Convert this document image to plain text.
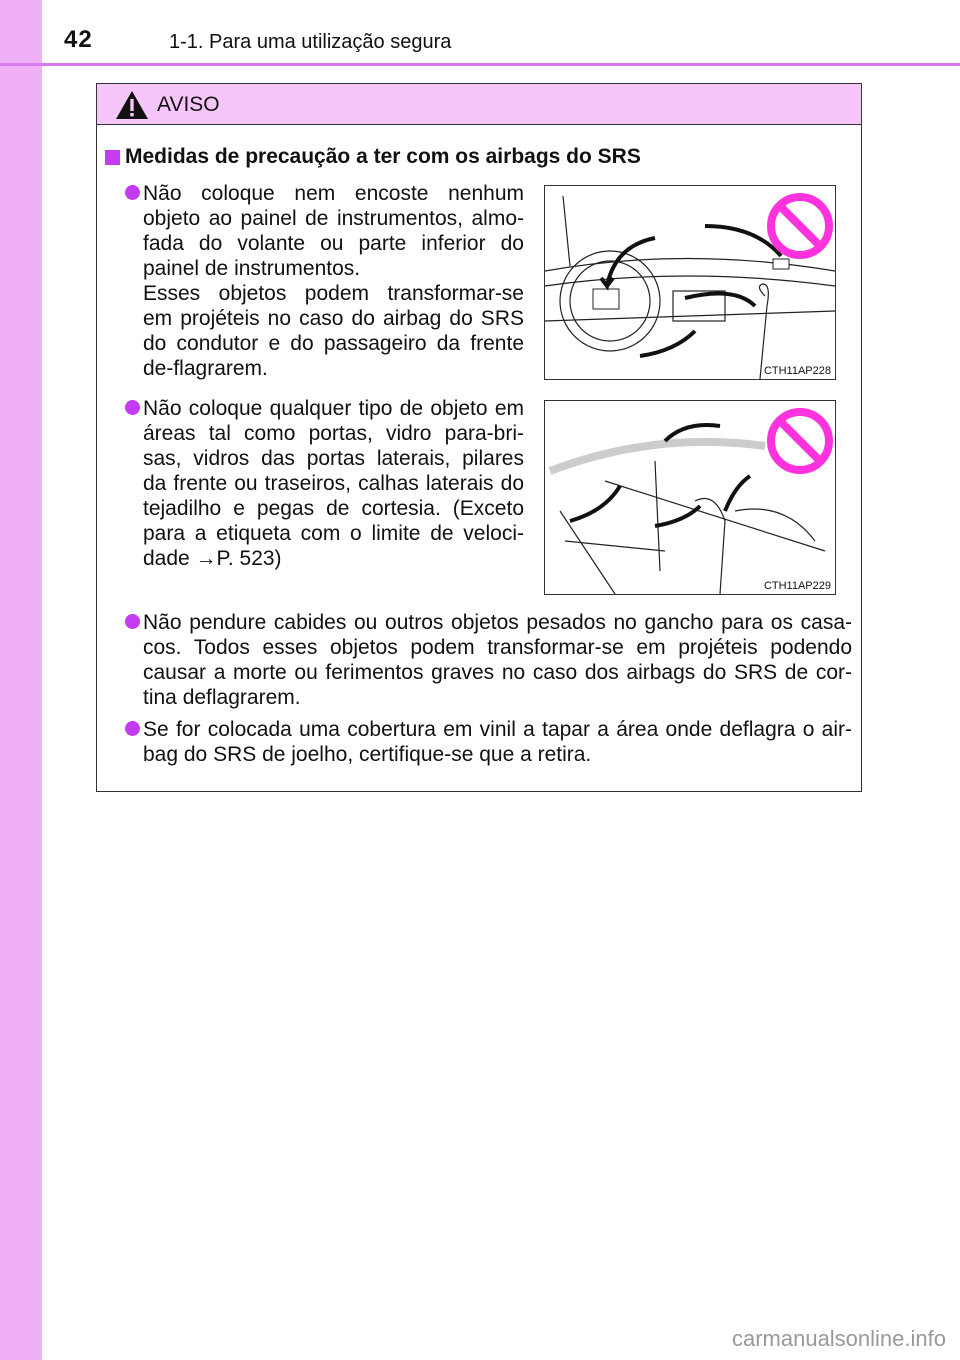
42	1-1. Para uma utilização segura
AVISO
Medidas de precaução a ter com os airbags do SRS
Não coloque nem encoste nenhum
objeto ao painel de instrumentos, almo-
fada do volante ou parte inferior do
painel de instrumentos.
Esses objetos podem transformar-se
em projéteis no caso do airbag do SRS
do condutor e do passageiro da frente
de-flagrarem.
Não coloque qualquer tipo de objeto em
áreas tal como portas, vidro para-bri-
sas, vidros das portas laterais, pilares
da frente ou traseiros, calhas laterais do
tejadilho e pegas de cortesia. (Exceto
para a etiqueta com o limite de veloci-
dade →P. 523)
Não pendure cabides ou outros objetos pesados no gancho para os casa-
cos. Todos esses objetos podem transformar-se em projéteis podendo
causar a morte ou ferimentos graves no caso dos airbags do SRS de cor-
tina deflagrarem.
Se for colocada uma cobertura em vinil a tapar a área onde deflagra o air-
bag do SRS de joelho, certifique-se que a retira.
CTH11AP228
CTH11AP229
carmanualsonline.info
